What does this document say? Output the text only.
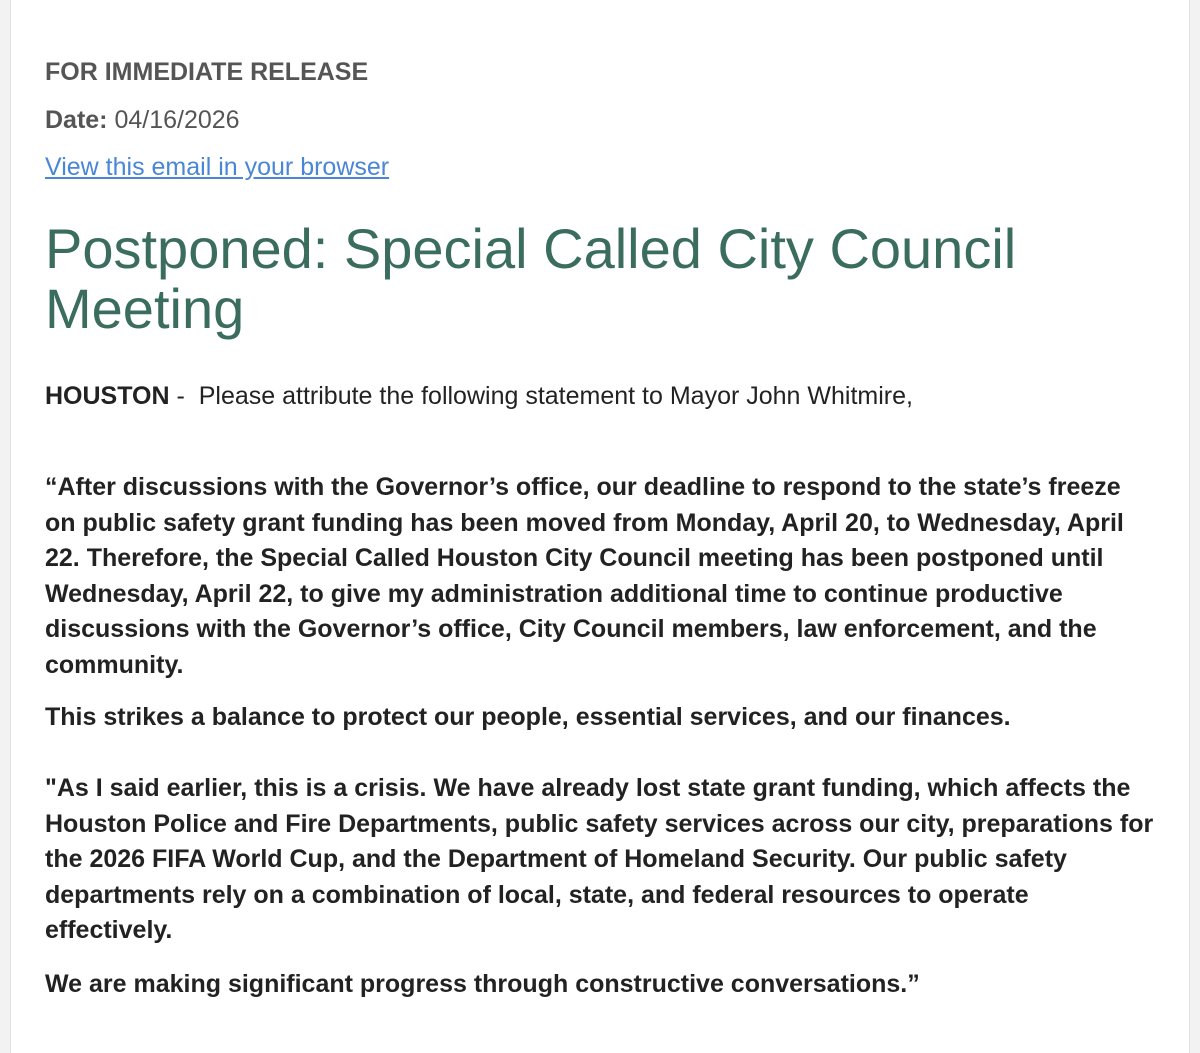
FOR IMMEDIATE RELEASE
Date: 04/16/2026
View this email in your browser
Postponed: Special Called City Council Meeting
HOUSTON -  Please attribute the following statement to Mayor John Whitmire,

“After discussions with the Governor’s office, our deadline to respond to the state’s freeze on public safety grant funding has been moved from Monday, April 20, to Wednesday, April 22. Therefore, the Special Called Houston City Council meeting has been postponed until Wednesday, April 22, to give my administration additional time to continue productive discussions with the Governor’s office, City Council members, law enforcement, and the community.

This strikes a balance to protect our people, essential services, and our finances.

"As I said earlier, this is a crisis. We have already lost state grant funding, which affects the Houston Police and Fire Departments, public safety services across our city, preparations for the 2026 FIFA World Cup, and the Department of Homeland Security. Our public safety departments rely on a combination of local, state, and federal resources to operate effectively.

We are making significant progress through constructive conversations.”
